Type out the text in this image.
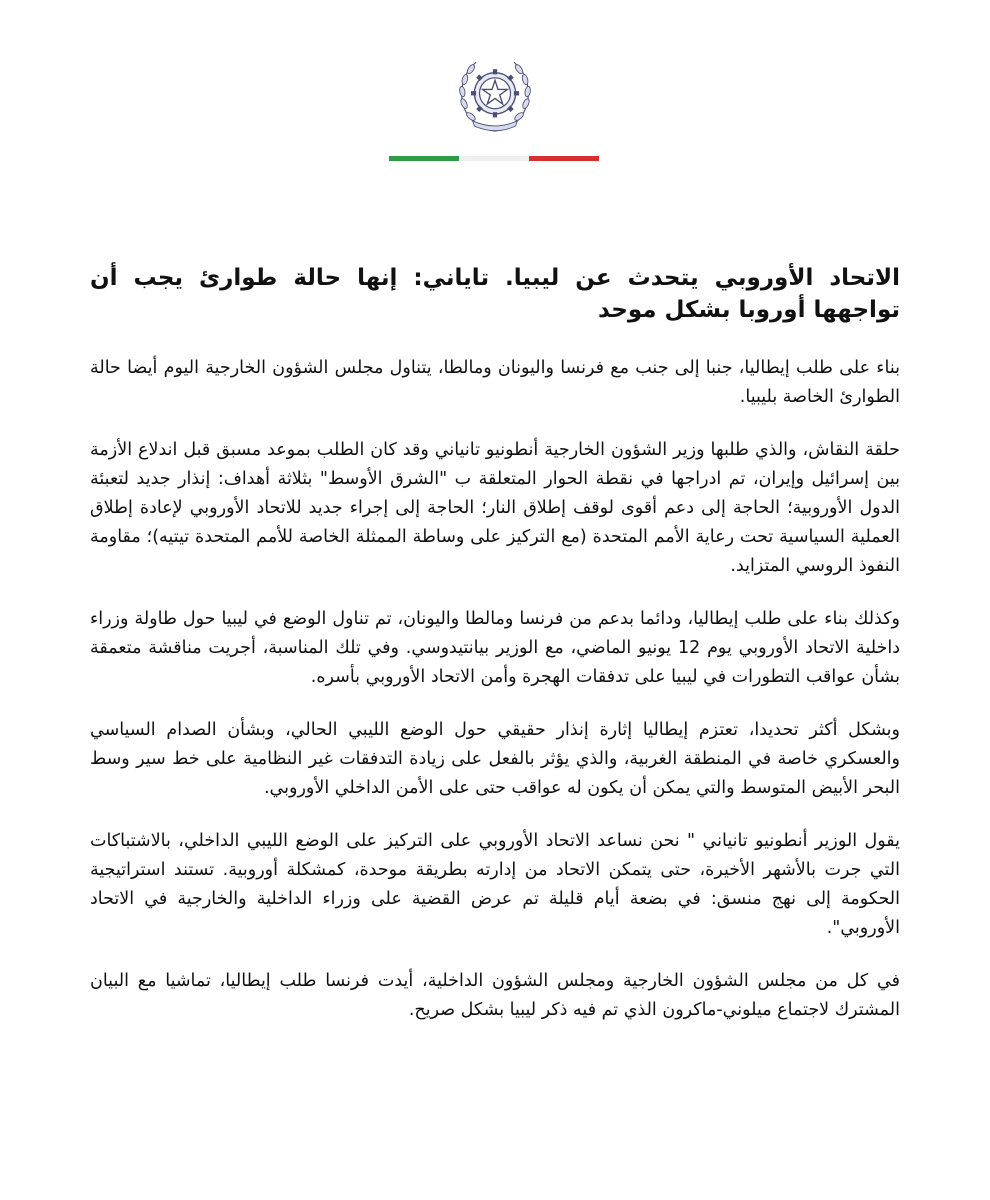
الاتحاد الأوروبي يتحدث عن ليبيا. تاياني: إنها حالة طوارئ يجب أن تواجهها أوروبا بشكل موحد

بناء على طلب إيطاليا، جنبا إلى جنب مع فرنسا واليونان ومالطا، يتناول مجلس الشؤون الخارجية اليوم أيضا حالة الطوارئ الخاصة بليبيا.

حلقة النقاش، والذي طلبها وزير الشؤون الخارجية أنطونيو تانياني وقد كان الطلب بموعد مسبق قبل اندلاع الأزمة بين إسرائيل وإيران، تم ادراجها في نقطة الحوار المتعلقة ب "الشرق الأوسط" بثلاثة أهداف: إنذار جديد لتعبئة الدول الأوروبية؛ الحاجة إلى دعم أقوى لوقف إطلاق النار؛ الحاجة إلى إجراء جديد للاتحاد الأوروبي لإعادة إطلاق العملية السياسية تحت رعاية الأمم المتحدة (مع التركيز على وساطة الممثلة الخاصة للأمم المتحدة تيتيه)؛ مقاومة النفوذ الروسي المتزايد.

وكذلك بناء على طلب إيطاليا، ودائما بدعم من فرنسا ومالطا واليونان، تم تناول الوضع في ليبيا حول طاولة وزراء داخلية الاتحاد الأوروبي يوم 12 يونيو الماضي، مع الوزير بيانتيدوسي. وفي تلك المناسبة، أجريت مناقشة متعمقة بشأن عواقب التطورات في ليبيا على تدفقات الهجرة وأمن الاتحاد الأوروبي بأسره.

وبشكل أكثر تحديدا، تعتزم إيطاليا إثارة إنذار حقيقي حول الوضع الليبي الحالي، وبشأن الصدام السياسي والعسكري خاصة في المنطقة الغربية، والذي يؤثر بالفعل على زيادة التدفقات غير النظامية على خط سير وسط البحر الأبيض المتوسط والتي يمكن أن يكون له عواقب حتى على الأمن الداخلي الأوروبي.

يقول الوزير أنطونيو تانياني " نحن نساعد الاتحاد الأوروبي على التركيز على الوضع الليبي الداخلي، بالاشتباكات التي جرت بالأشهر الأخيرة، حتى يتمكن الاتحاد من إدارته بطريقة موحدة، كمشكلة أوروبية. تستند استراتيجية الحكومة إلى نهج منسق: في بضعة أيام قليلة تم عرض القضية على وزراء الداخلية والخارجية في الاتحاد الأوروبي".

في كل من مجلس الشؤون الخارجية ومجلس الشؤون الداخلية، أيدت فرنسا طلب إيطاليا، تماشيا مع البيان المشترك لاجتماع ميلوني-ماكرون الذي تم فيه ذكر ليبيا بشكل صريح.
